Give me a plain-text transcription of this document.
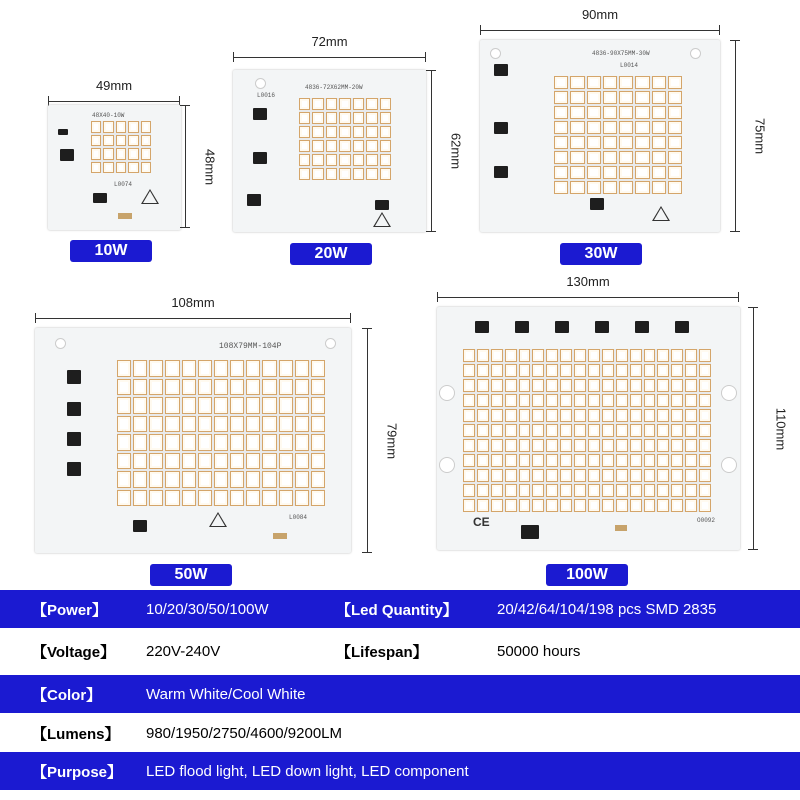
49mm
48X40-10W
L0074	48mm
10W
72mm
4836-72X62MM-20W
L0016
62mm
20W
90mm
4836-90X75MM-30W
L0014
75mm
30W
108mm
108X79MM-104P
L0084
79mm
50W
130mm
CE	O0092
110mm
100W
【Power】	10/20/30/50/100W	【Led Quantity】	20/42/64/104/198 pcs SMD 2835
【Voltage】 220V-240V	【Lifespan】	50000 hours
【Color】	Warm White/Cool White
【Lumens】 980/1950/2750/4600/9200LM
【Purpose】 LED flood light, LED down light, LED component
